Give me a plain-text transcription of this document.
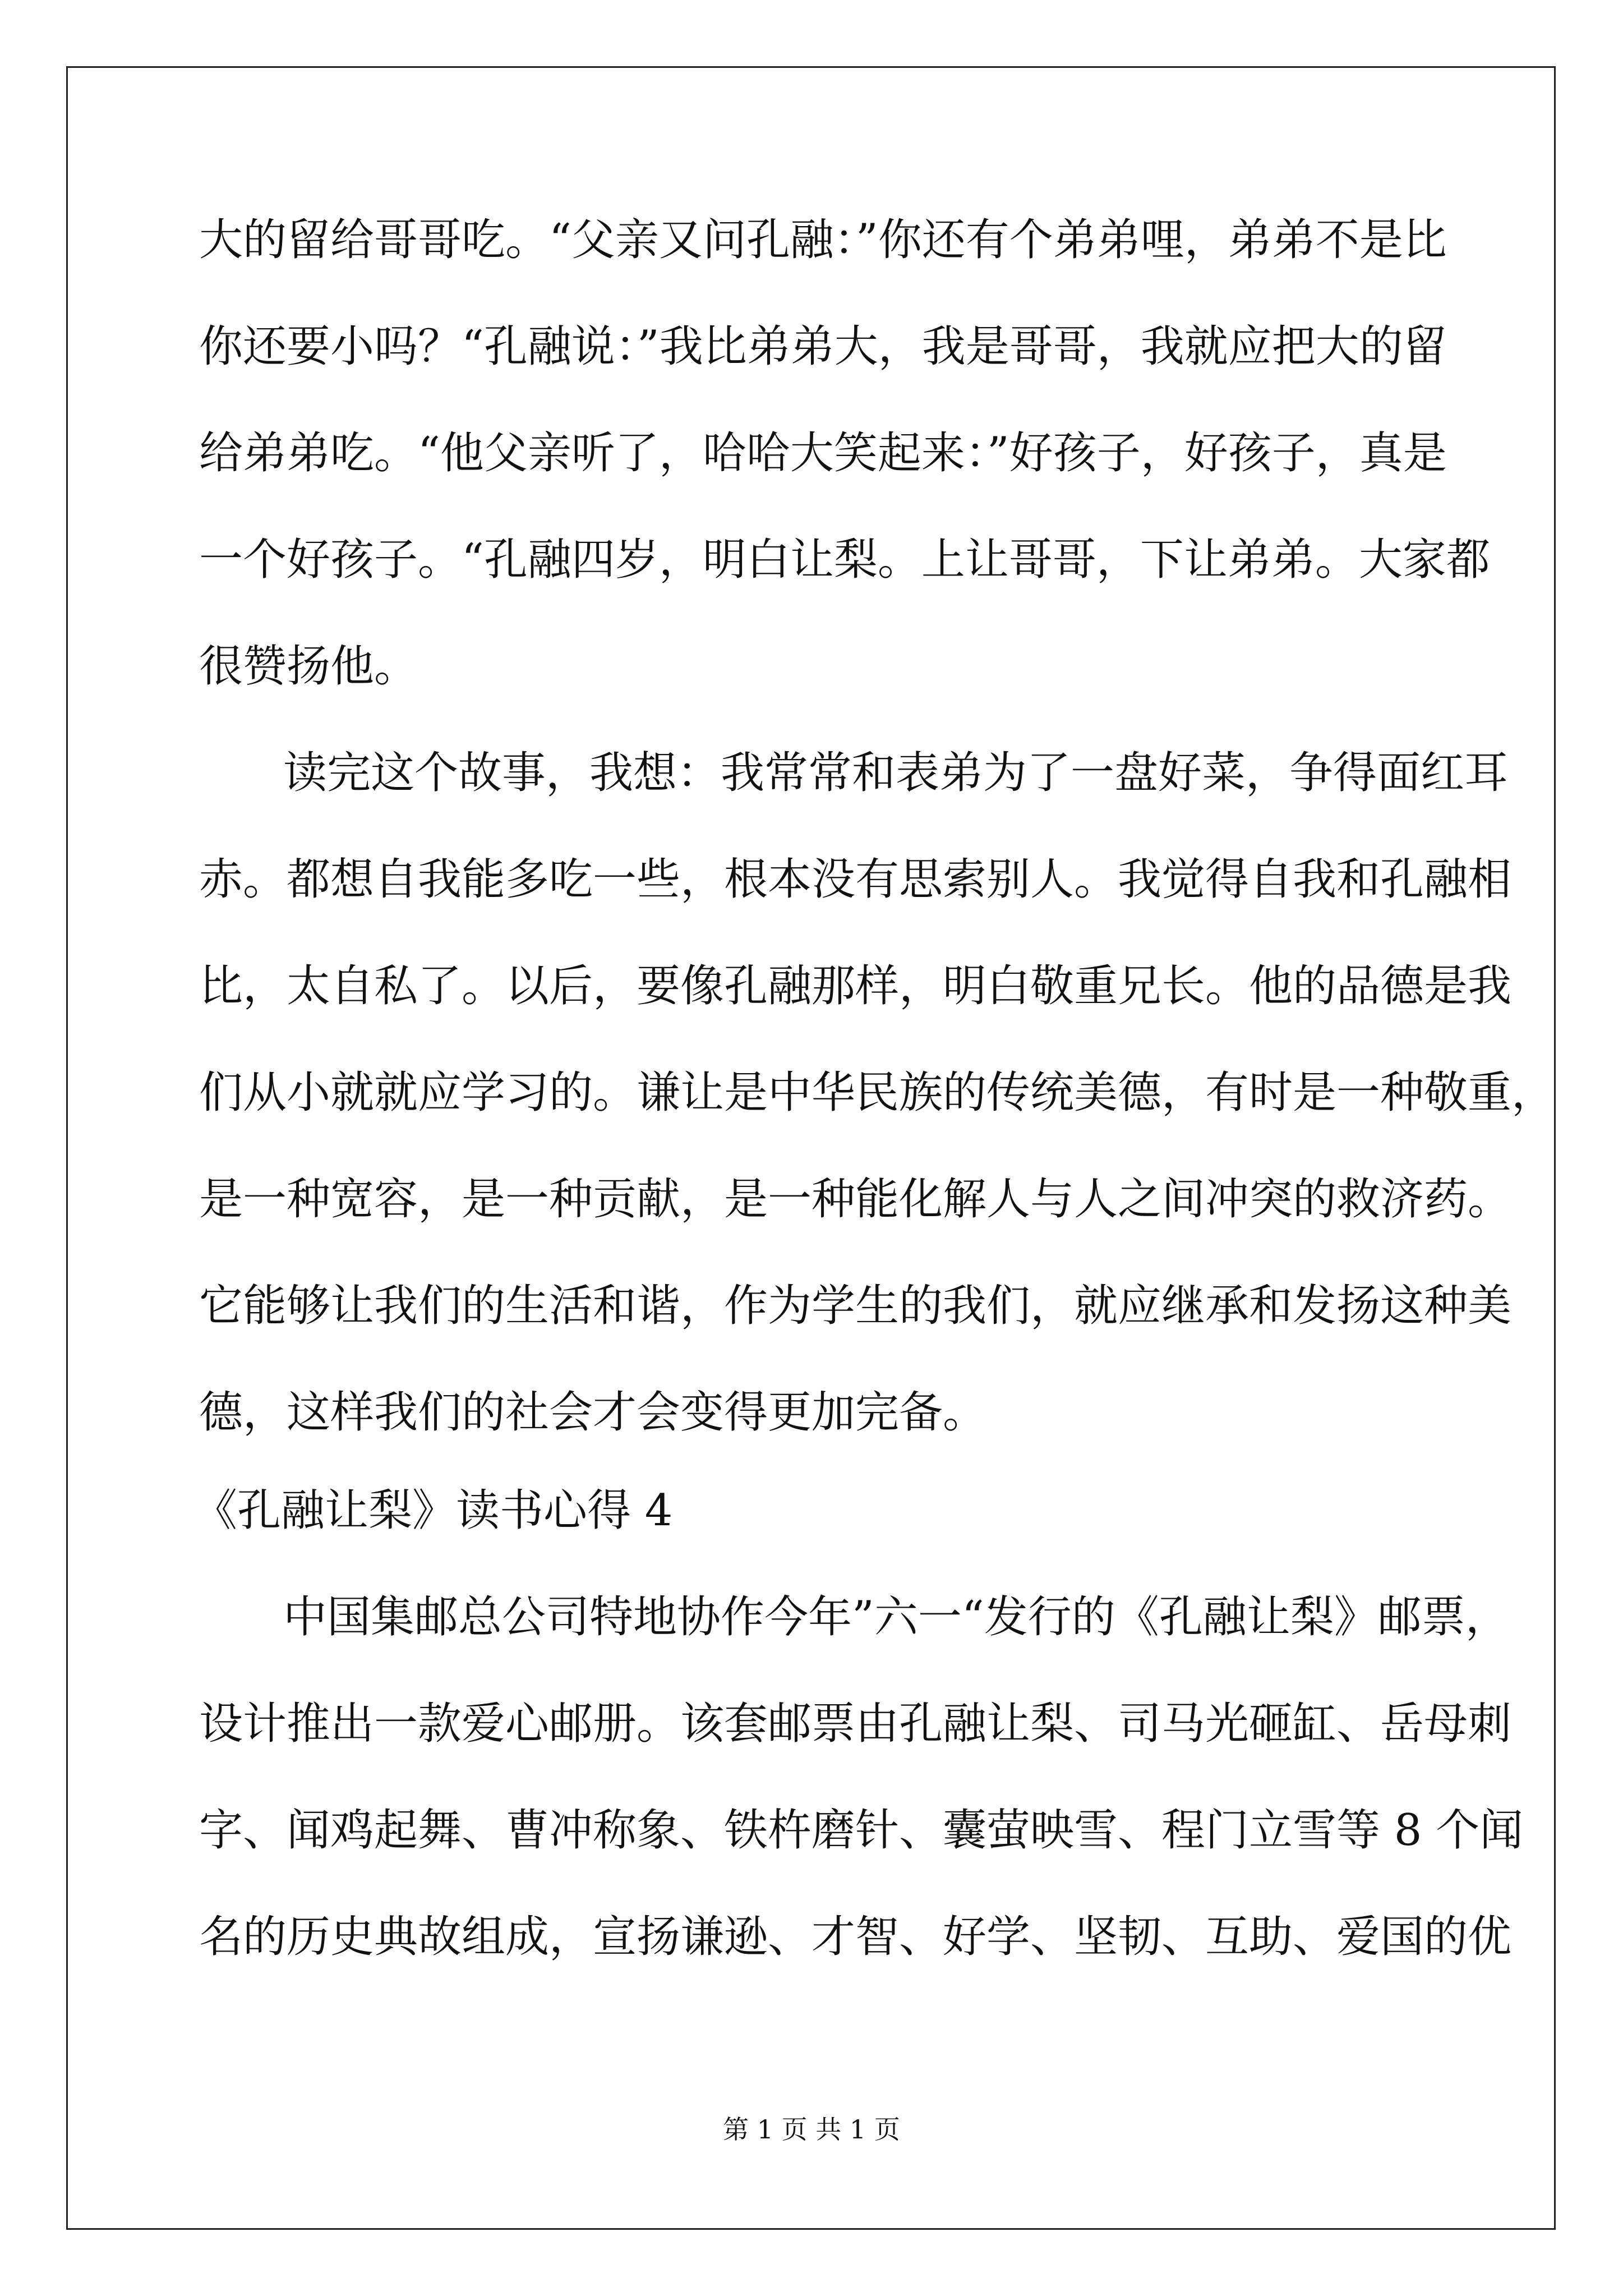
大的留给哥哥吃。“父亲又问孔融：”你还有个弟弟哩，弟弟不是比
你还要小吗？“孔融说：”我比弟弟大，我是哥哥，我就应把大的留
给弟弟吃。“他父亲听了，哈哈大笑起来：”好孩子，好孩子，真是
一个好孩子。“孔融四岁，明白让梨。上让哥哥，下让弟弟。大家都
很赞扬他。
读完这个故事，我想：我常常和表弟为了一盘好菜，争得面红耳
赤。都想自我能多吃一些，根本没有思索别人。我觉得自我和孔融相
比，太自私了。以后，要像孔融那样，明白敬重兄长。他的品德是我
们从小就就应学习的。谦让是中华民族的传统美德，有时是一种敬重，
是一种宽容，是一种贡献，是一种能化解人与人之间冲突的救济药。
它能够让我们的生活和谐，作为学生的我们，就应继承和发扬这种美
德，这样我们的社会才会变得更加完备。
《孔融让梨》读书心得 4
中国集邮总公司特地协作今年”六一“发行的《孔融让梨》邮票，
设计推出一款爱心邮册。该套邮票由孔融让梨、司马光砸缸、岳母刺
字、闻鸡起舞、曹冲称象、铁杵磨针、囊萤映雪、程门立雪等 8 个闻
名的历史典故组成，宣扬谦逊、才智、好学、坚韧、互助、爱国的优
第 1 页 共 1 页
